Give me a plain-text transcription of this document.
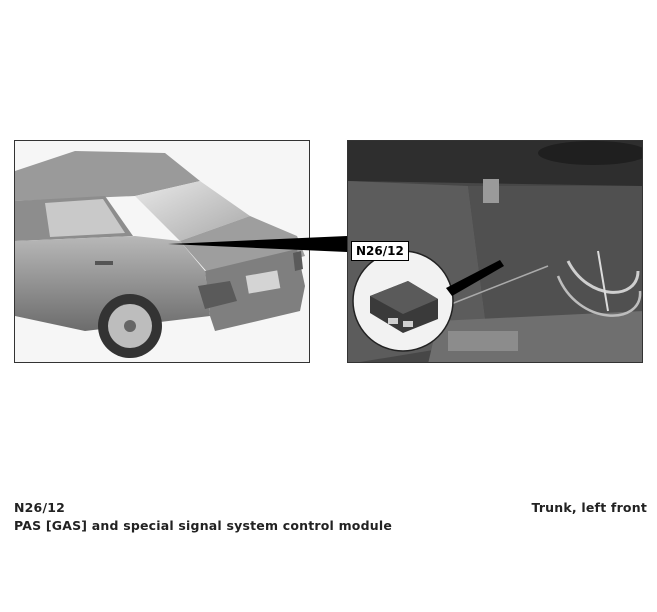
N26/12
N26/12
PAS [GAS] and special signal system control module
Trunk, left front
